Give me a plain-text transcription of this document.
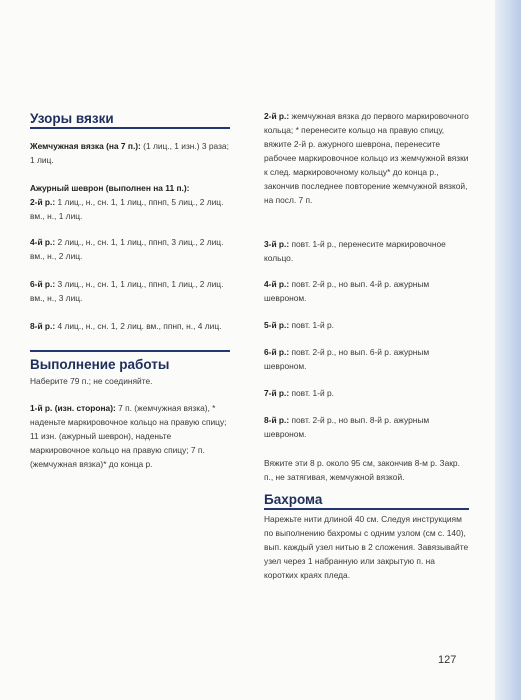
Узоры вязки

Жемчужная вязка (на 7 п.): (1 лиц., 1 изн.) 3 раза; 1 лиц.

Ажурный шеврон (выполнен на 11 п.):

2-й р.: 1 лиц., н., сн. 1, 1 лиц., ппнп, 5 лиц., 2 лиц. вм., н., 1 лиц.

4-й р.: 2 лиц., н., сн. 1, 1 лиц., ппнп, 3 лиц., 2 лиц. вм., н., 2 лиц.

6-й р.: 3 лиц., н., сн. 1, 1 лиц., ппнп, 1 лиц., 2 лиц. вм., н., 3 лиц.

8-й р.: 4 лиц., н., сн. 1, 2 лиц. вм., ппнп, н., 4 лиц.

Выполнение работы

Наберите 79 п.; не соединяйте.

1-й р. (изн. сторона): 7 п. (жемчужная вязка), * наденьте маркировочное кольцо на правую спицу; 11 изн. (ажурный шеврон), наденьте маркировочное кольцо на правую спицу; 7 п. (жемчужная вязка)* до конца р.

2-й р.: жемчужная вязка до первого маркировочного кольца; * перенесите кольцо на правую спицу, вяжите 2-й р. ажурного шеврона, перенесите рабочее маркировочное кольцо из жемчужной вязки к след. маркировочному кольцу* до конца р., закончив последнее повторение жемчужной вязкой, на посл. 7 п.

3-й р.: повт. 1-й р., перенесите маркировочное кольцо.

4-й р.: повт. 2-й р., но вып. 4-й р. ажурным шевроном.

5-й р.: повт. 1-й р.

6-й р.: повт. 2-й р., но вып. 6-й р. ажурным шевроном.

7-й р.: повт. 1-й р.

8-й р.: повт. 2-й р., но вып. 8-й р. ажурным шевроном.

Вяжите эти 8 р. около 95 см, закончив 8-м р. Закр. п., не затягивая, жемчужной вязкой.

Бахрома

Нарежьте нити длиной 40 см. Следуя инструкциям по выполнению бахромы с одним узлом (см с. 140), вып. каждый узел нитью в 2 сложения. Завязывайте узел через 1 набранную или закрытую п. на коротких краях пледа.

127
